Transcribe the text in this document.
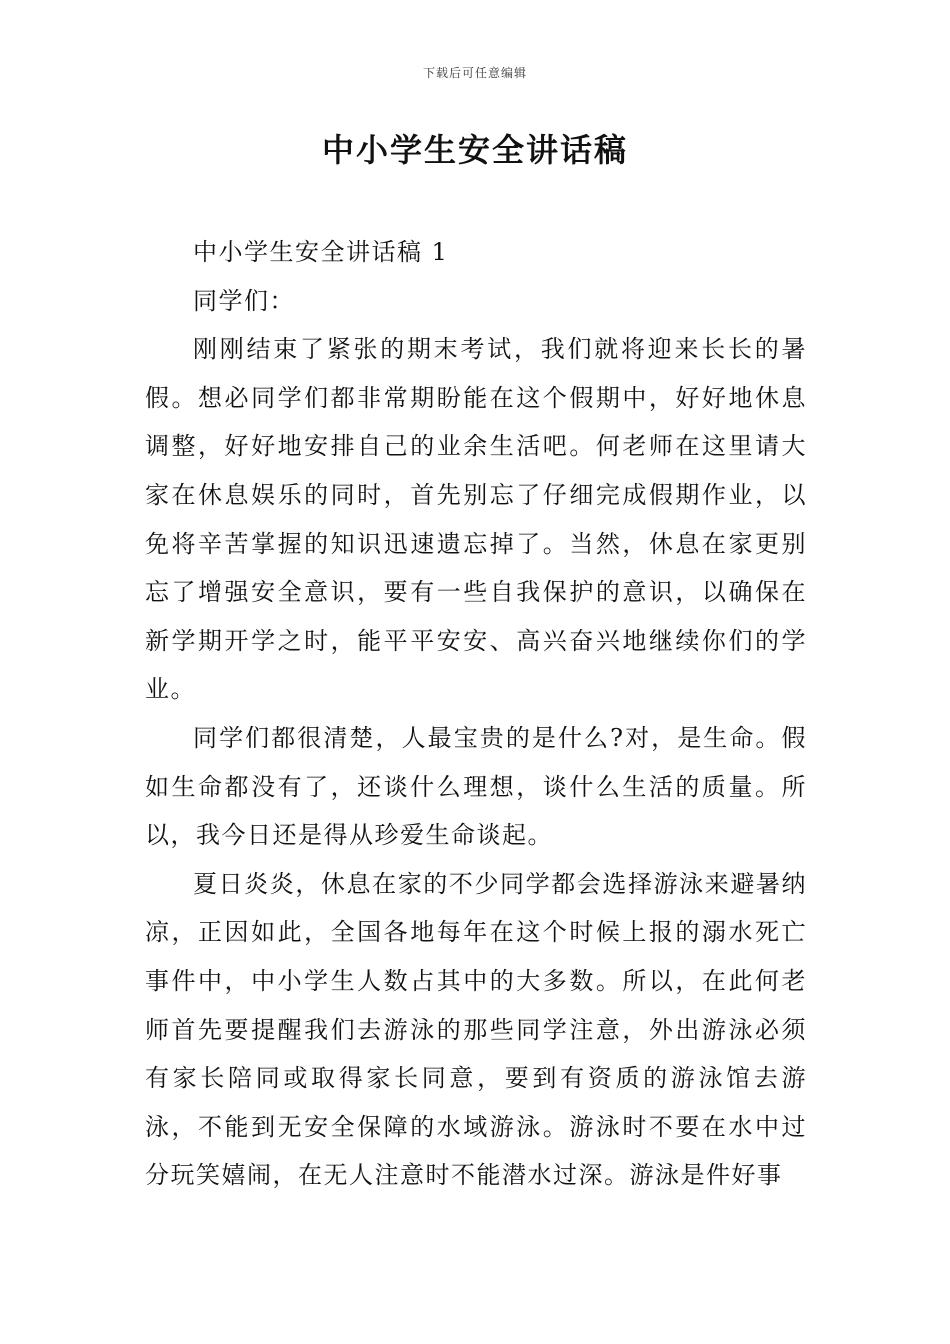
下载后可任意编辑
中小学生安全讲话稿

中小学生安全讲话稿 1

同学们：

刚刚结束了紧张的期末考试，我们就将迎来长长的暑假。想必同学们都非常期盼能在这个假期中，好好地休息调整，好好地安排自己的业余生活吧。何老师在这里请大家在休息娱乐的同时，首先别忘了仔细完成假期作业，以免将辛苦掌握的知识迅速遗忘掉了。当然，休息在家更别忘了增强安全意识，要有一些自我保护的意识，以确保在新学期开学之时，能平平安安、高兴奋兴地继续你们的学业。

同学们都很清楚，人最宝贵的是什么?对，是生命。假如生命都没有了，还谈什么理想，谈什么生活的质量。所以，我今日还是得从珍爱生命谈起。

夏日炎炎，休息在家的不少同学都会选择游泳来避暑纳凉，正因如此，全国各地每年在这个时候上报的溺水死亡事件中，中小学生人数占其中的大多数。所以，在此何老师首先要提醒我们去游泳的那些同学注意，外出游泳必须有家长陪同或取得家长同意，要到有资质的游泳馆去游泳，不能到无安全保障的水域游泳。游泳时不要在水中过分玩笑嬉闹，在无人注意时不能潜水过深。游泳是件好事
